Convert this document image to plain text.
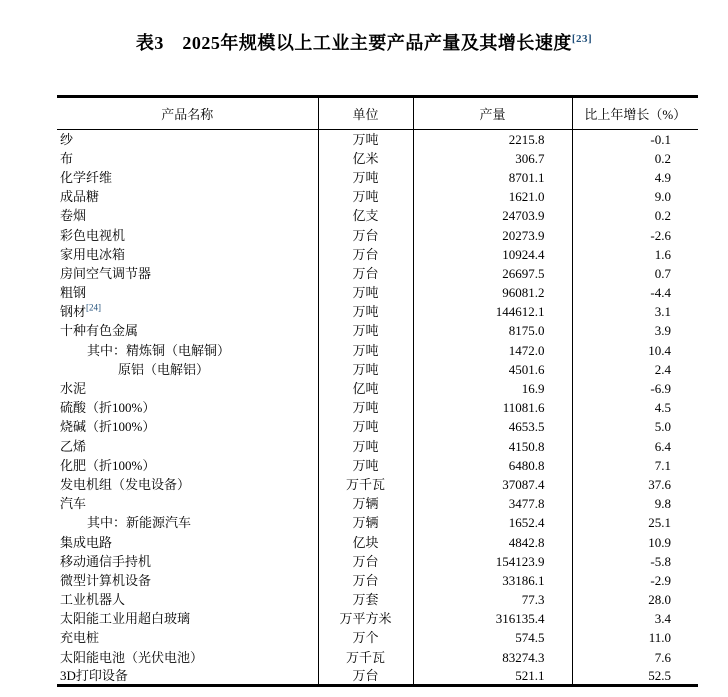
表3　2025年规模以上工业主要产品产量及其增长速度[23]
产品名称	单位	产量	比上年增长（%）
纱	万吨	2215.8	-0.1
布	亿米	306.7	0.2
化学纤维	万吨	8701.1	4.9
成品糖	万吨	1621.0	9.0
卷烟	亿支	24703.9	0.2
彩色电视机	万台	20273.9	-2.6
家用电冰箱	万台	10924.4	1.6
房间空气调节器	万台	26697.5	0.7
粗钢	万吨	96081.2	-4.4
钢材[24]	万吨	144612.1	3.1
十种有色金属	万吨	8175.0	3.9
其中：精炼铜（电解铜）	万吨	1472.0	10.4
原铝（电解铝）	万吨	4501.6	2.4
水泥	亿吨	16.9	-6.9
硫酸（折100%）	万吨	11081.6	4.5
烧碱（折100%）	万吨	4653.5	5.0
乙烯	万吨	4150.8	6.4
化肥（折100%）	万吨	6480.8	7.1
发电机组（发电设备）	万千瓦	37087.4	37.6
汽车	万辆	3477.8	9.8
其中：新能源汽车	万辆	1652.4	25.1
集成电路	亿块	4842.8	10.9
移动通信手持机	万台	154123.9	-5.8
微型计算机设备	万台	33186.1	-2.9
工业机器人	万套	77.3	28.0
太阳能工业用超白玻璃	万平方米	316135.4	3.4
充电桩	万个	574.5	11.0
太阳能电池（光伏电池）	万千瓦	83274.3	7.6
3D打印设备	万台	521.1	52.5
